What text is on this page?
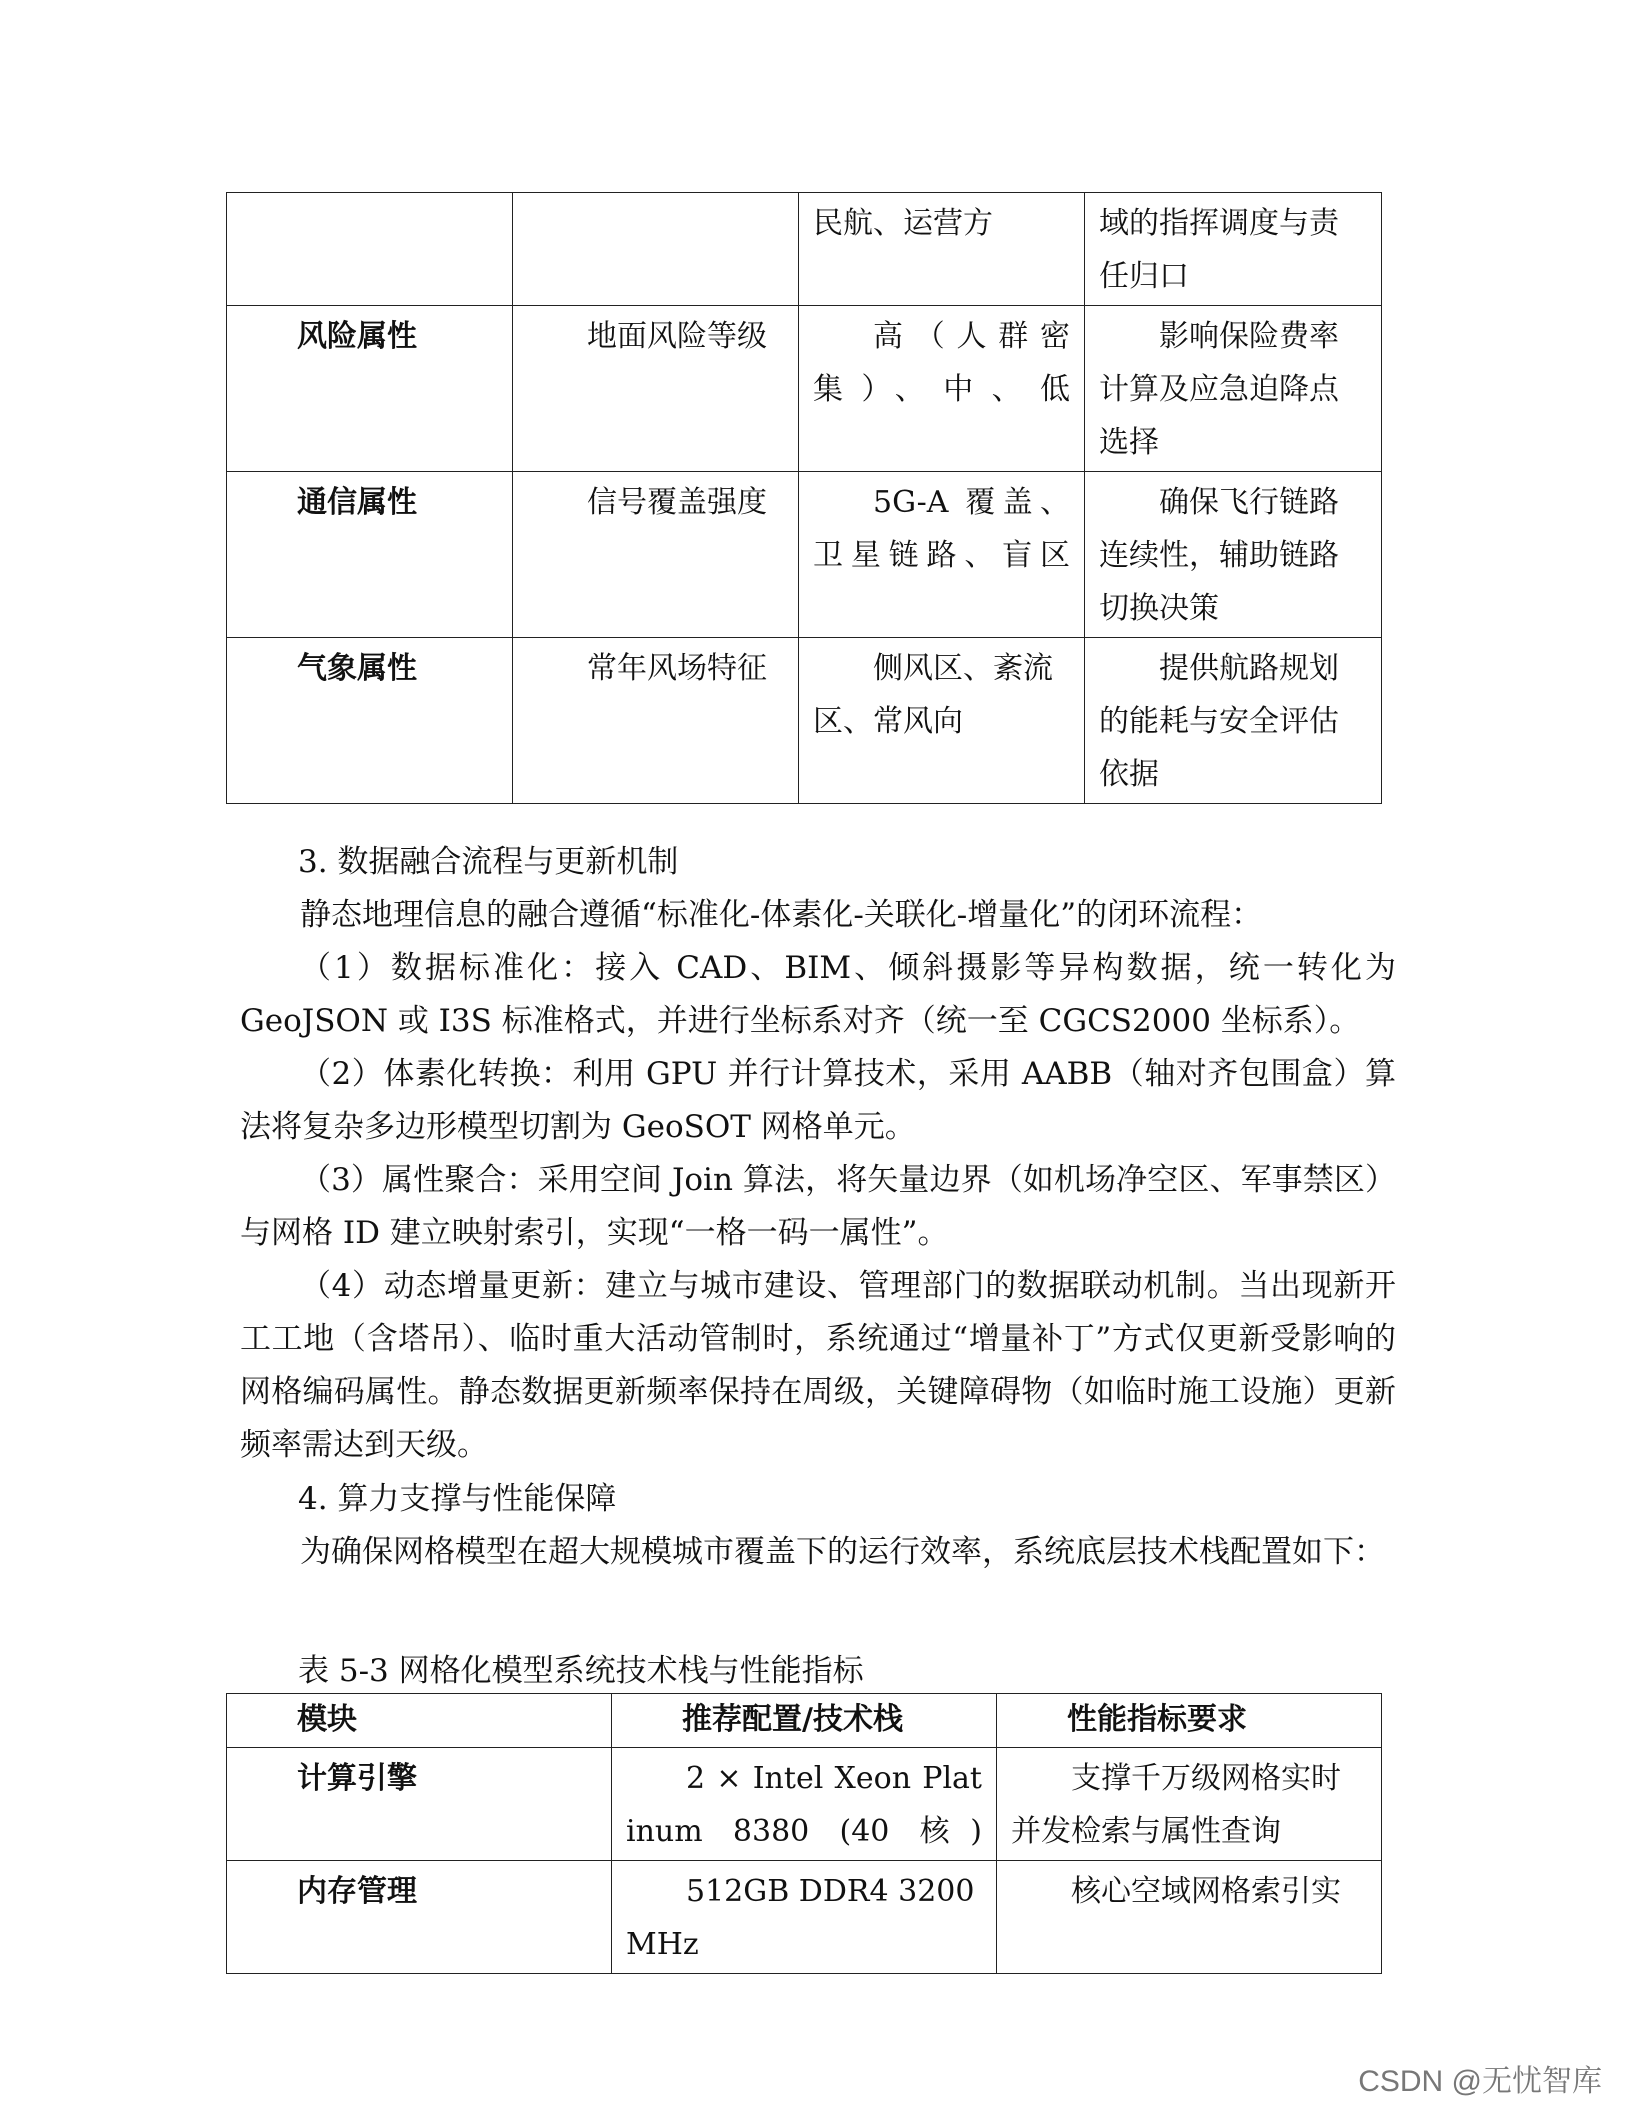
		民航、运营方	域的指挥调度与责任归口
风险属性	地面风险等级	高（人群密集）、中、低	影响保险费率计算及应急迫降点选择
通信属性	信号覆盖强度	5G-A 覆盖、卫星链路、盲区	确保飞行链路连续性，辅助链路切换决策
气象属性	常年风场特征	侧风区、紊流区、常风向	提供航路规划的能耗与安全评估依据

3. 数据融合流程与更新机制

静态地理信息的融合遵循“标准化-体素化-关联化-增量化”的闭环流程：

（1）数据标准化：接入 CAD、BIM、倾斜摄影等异构数据，统一转化为 GeoJSON 或 I3S 标准格式，并进行坐标系对齐（统一至 CGCS2000 坐标系）。

（2）体素化转换：利用 GPU 并行计算技术，采用 AABB（轴对齐包围盒）算法将复杂多边形模型切割为 GeoSOT 网格单元。

（3）属性聚合：采用空间 Join 算法，将矢量边界（如机场净空区、军事禁区）与网格 ID 建立映射索引，实现“一格一码一属性”。

（4）动态增量更新：建立与城市建设、管理部门的数据联动机制。当出现新开工工地（含塔吊）、临时重大活动管制时，系统通过“增量补丁”方式仅更新受影响的网格编码属性。静态数据更新频率保持在周级，关键障碍物（如临时施工设施）更新频率需达到天级。

4. 算力支撑与性能保障

为确保网格模型在超大规模城市覆盖下的运行效率，系统底层技术栈配置如下：

表 5-3 网格化模型系统技术栈与性能指标
模块	推荐配置/技术栈	性能指标要求
计算引擎	2 × Intel Xeon Platinum 8380 (40 核)	支撑千万级网格实时并发检索与属性查询
内存管理	512GB DDR4 3200MHz	核心空域网格索引实
CSDN @无忧智库
